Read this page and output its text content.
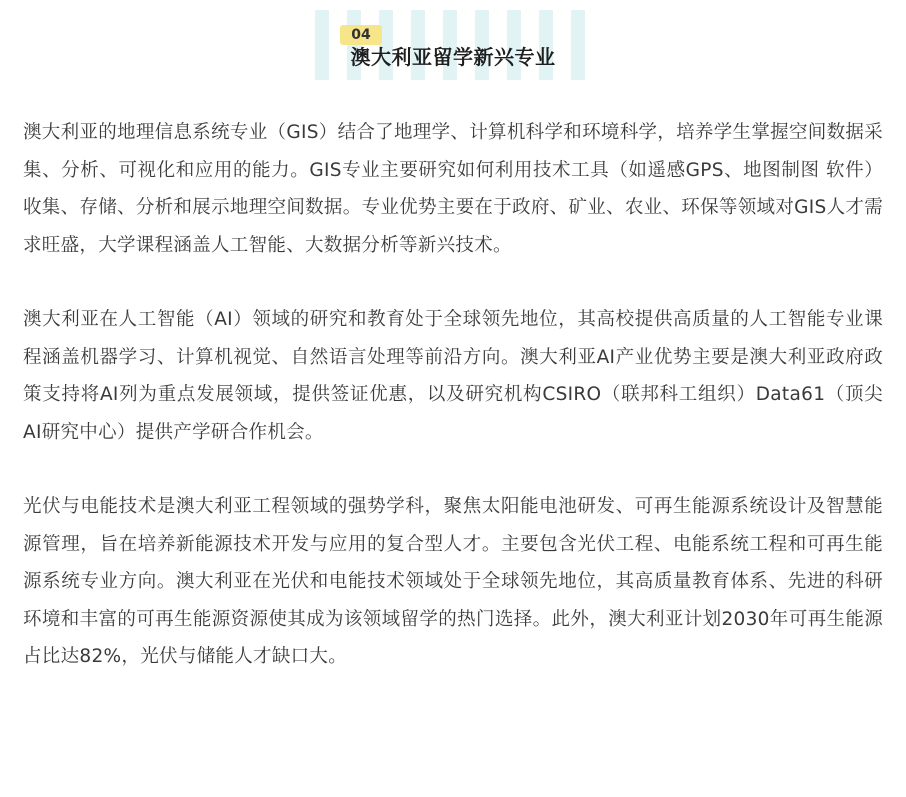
04
澳大利亚留学新兴专业

澳大利亚的地理信息系统专业（GIS）结合了地理学、计算机科学和环境科学，培养学生掌握空间数据采集、分析、可视化和应用的能力。GIS专业主要研究如何利用技术工具（如遥感GPS、地图制图 软件）收集、存储、分析和展示地理空间数据。专业优势主要在于政府、矿业、农业、环保等领域对GIS人才需求旺盛，大学课程涵盖人工智能、大数据分析等新兴技术。

澳大利亚在人工智能（AI）领域的研究和教育处于全球领先地位，其高校提供高质量的人工智能专业课程涵盖机器学习、计算机视觉、自然语言处理等前沿方向。澳大利亚AI产业优势主要是澳大利亚政府政策支持将AI列为重点发展领域，提供签证优惠，以及研究机构CSIRO（联邦科工组织）Data61（顶尖AI研究中心）提供产学研合作机会。

光伏与电能技术是澳大利亚工程领域的强势学科，聚焦太阳能电池研发、可再生能源系统设计及智慧能源管理，旨在培养新能源技术开发与应用的复合型人才。主要包含光伏工程、电能系统工程和可再生能源系统专业方向。澳大利亚在光伏和电能技术领域处于全球领先地位，其高质量教育体系、先进的科研环境和丰富的可再生能源资源使其成为该领域留学的热门选择。此外，澳大利亚计划2030年可再生能源占比达82%，光伏与储能人才缺口大。
